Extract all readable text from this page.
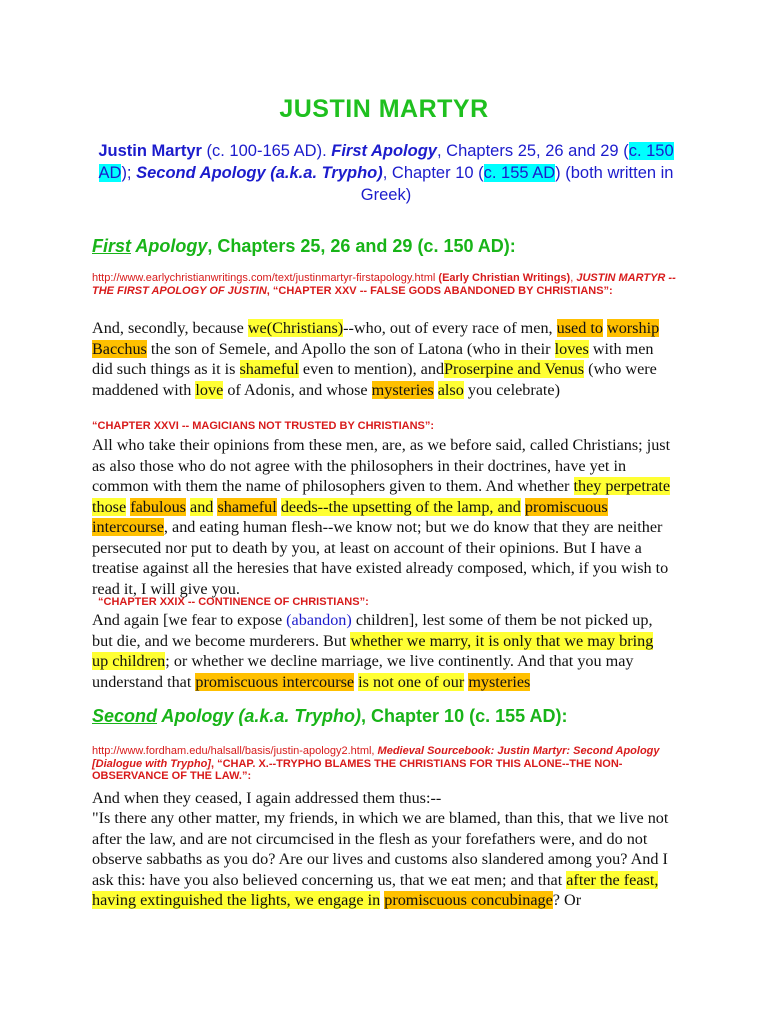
JUSTIN MARTYR
Justin Martyr (c. 100-165 AD). First Apology, Chapters 25, 26 and 29 (c. 150 AD); Second Apology (a.k.a. Trypho), Chapter 10 (c. 155 AD) (both written in Greek)
First Apology, Chapters 25, 26 and 29 (c. 150 AD):
http://www.earlychristianwritings.com/text/justinmartyr-firstapology.html (Early Christian Writings), JUSTIN MARTYR -- THE FIRST APOLOGY OF JUSTIN, “CHAPTER XXV -- FALSE GODS ABANDONED BY CHRISTIANS”:
And, secondly, because we(Christians)--who, out of every race of men, used to worship Bacchus the son of Semele, and Apollo the son of Latona (who in their loves with men did such things as it is shameful even to mention), andProserpine and Venus (who were maddened with love of Adonis, and whose mysteries also you celebrate)
“CHAPTER XXVI -- MAGICIANS NOT TRUSTED BY CHRISTIANS”:
All who take their opinions from these men, are, as we before said, called Christians; just as also those who do not agree with the philosophers in their doctrines, have yet in common with them the name of philosophers given to them. And whether they perpetrate those fabulous and shameful deeds--the upsetting of the lamp, and promiscuous intercourse, and eating human flesh--we know not; but we do know that they are neither persecuted nor put to death by you, at least on account of their opinions. But I have a treatise against all the heresies that have existed already composed, which, if you wish to read it, I will give you.
“CHAPTER XXIX -- CONTINENCE OF CHRISTIANS”:
And again [we fear to expose (abandon) children], lest some of them be not picked up, but die, and we become murderers. But whether we marry, it is only that we may bring up children; or whether we decline marriage, we live continently. And that you may understand that promiscuous intercourse is not one of our mysteries
Second Apology (a.k.a. Trypho), Chapter 10 (c. 155 AD):
http://www.fordham.edu/halsall/basis/justin-apology2.html, Medieval Sourcebook: Justin Martyr: Second Apology [Dialogue with Trypho], “CHAP. X.--TRYPHO BLAMES THE CHRISTIANS FOR THIS ALONE--THE NON-OBSERVANCE OF THE LAW.”:
And when they ceased, I again addressed them thus:--
"Is there any other matter, my friends, in which we are blamed, than this, that we live not after the law, and are not circumcised in the flesh as your forefathers were, and do not observe sabbaths as you do? Are our lives and customs also slandered among you? And I ask this: have you also believed concerning us, that we eat men; and that after the feast, having extinguished the lights, we engage in promiscuous concubinage? Or
